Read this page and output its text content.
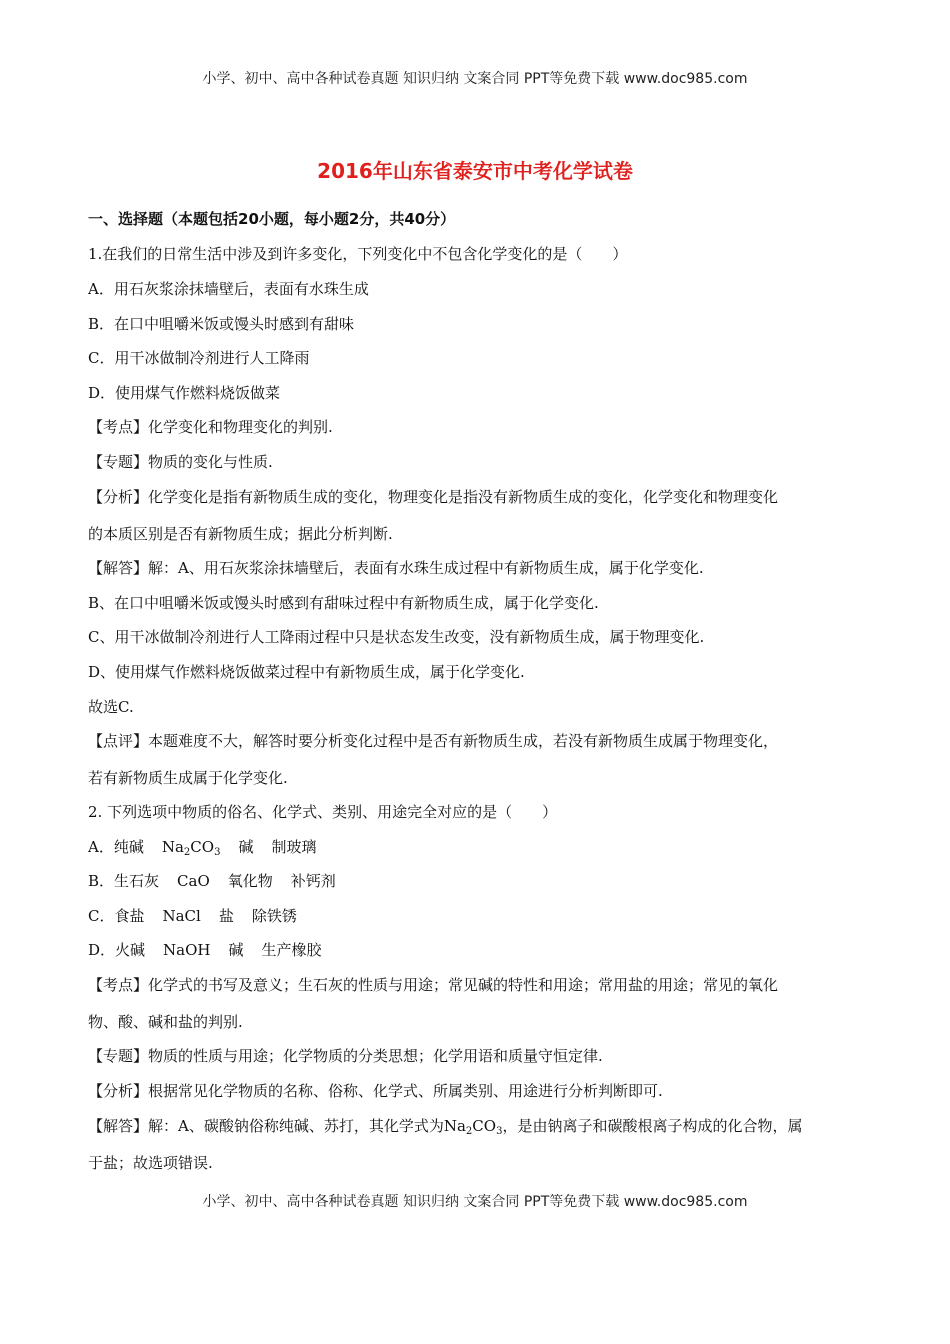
小学、初中、高中各种试卷真题 知识归纳 文案合同 PPT等免费下载 www.doc985.com
2016年山东省泰安市中考化学试卷
一、选择题（本题包括20小题，每小题2分，共40分）
1.在我们的日常生活中涉及到许多变化，下列变化中不包含化学变化的是（　　）
A．用石灰浆涂抹墙壁后，表面有水珠生成
B．在口中咀嚼米饭或馒头时感到有甜味
C．用干冰做制冷剂进行人工降雨
D．使用煤气作燃料烧饭做菜
【考点】化学变化和物理变化的判别.
【专题】物质的变化与性质.
【分析】化学变化是指有新物质生成的变化，物理变化是指没有新物质生成的变化，化学变化和物理变化
的本质区别是否有新物质生成；据此分析判断.
【解答】解：A、用石灰浆涂抹墙壁后，表面有水珠生成过程中有新物质生成，属于化学变化.
B、在口中咀嚼米饭或馒头时感到有甜味过程中有新物质生成，属于化学变化.
C、用干冰做制冷剂进行人工降雨过程中只是状态发生改变，没有新物质生成，属于物理变化.
D、使用煤气作燃料烧饭做菜过程中有新物质生成，属于化学变化.
故选C.
【点评】本题难度不大，解答时要分析变化过程中是否有新物质生成，若没有新物质生成属于物理变化，
若有新物质生成属于化学变化.
2. 下列选项中物质的俗名、化学式、类别、用途完全对应的是（　　）
A．纯碱 $Na_2CO_3$ 碱 制玻璃
B．生石灰 CaO 氧化物 补钙剂
C．食盐 NaCl 盐 除铁锈
D．火碱 NaOH 碱 生产橡胶
【考点】化学式的书写及意义；生石灰的性质与用途；常见碱的特性和用途；常用盐的用途；常见的氧化
物、酸、碱和盐的判别.
【专题】物质的性质与用途；化学物质的分类思想；化学用语和质量守恒定律.
【分析】根据常见化学物质的名称、俗称、化学式、所属类别、用途进行分析判断即可.
【解答】解：A、碳酸钠俗称纯碱、苏打，其化学式为$Na_2CO_3$，是由钠离子和碳酸根离子构成的化合物，属
于盐；故选项错误.
小学、初中、高中各种试卷真题 知识归纳 文案合同 PPT等免费下载 www.doc985.com
